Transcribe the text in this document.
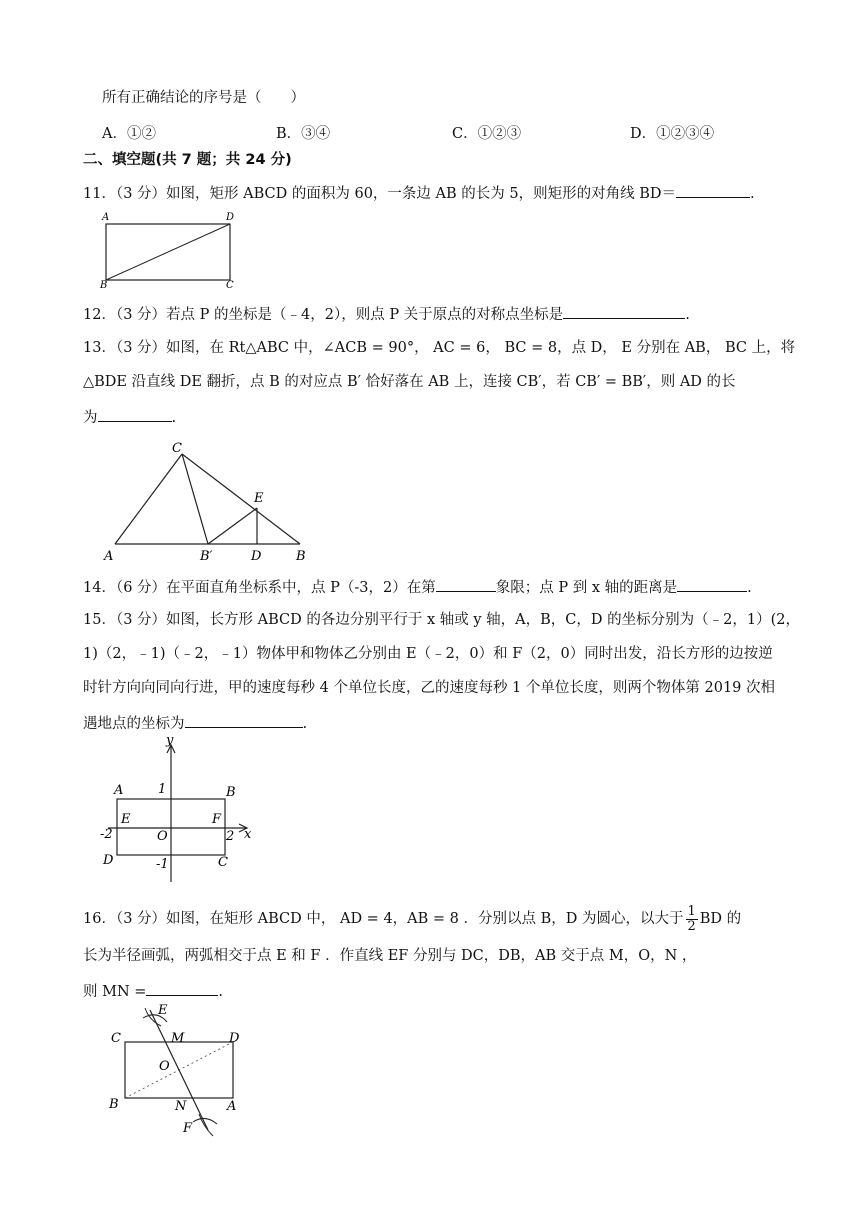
所有正确结论的序号是（　　）
A．①②	B．③④	C．①②③	D．①②③④
二、填空题(共 7 题；共 24 分)
11．（3 分）如图，矩形 ABCD 的面积为 60，一条边 AB 的长为 5，则矩形的对角线 BD＝	.
A	D
B	C
12．（3 分）若点 P 的坐标是（﹣4，2），则点 P 关于原点的对称点坐标是	.
13．（3 分）如图，在 Rt△ABC 中，∠ACB = 90°， AC = 6， BC = 8，点 D， E 分别在 AB， BC 上，将
△BDE 沿直线 DE 翻折，点 B 的对应点 B′ 恰好落在 AB 上，连接 CB′，若 CB′ = BB′，则 AD 的长
为	.
C
E
A	B′	D	B
14．（6 分）在平面直角坐标系中，点 P（-3，2）在第	象限；点 P 到 x 轴的距离是	.
15．（3 分）如图，长方形 ABCD 的各边分别平行于 x 轴或 y 轴，A，B，C，D 的坐标分别为（﹣2，1）(2，
1)（2，﹣1)（﹣2，﹣1）物体甲和物体乙分别由 E（﹣2，0）和 F（2，0）同时出发，沿长方形的边按逆
时针方向向同向行进，甲的速度每秒 4 个单位长度，乙的速度每秒 1 个单位长度，则两个物体第 2019 次相
遇地点的坐标为	.
y
x
A	1	B
E	F
-2	O	2
D	-1	C
16．（3 分）如图，在矩形 ABCD 中， AD = 4，AB = 8 ．分别以点 B，D 为圆心，以大于 $\frac{1}{2}$ BD 的
长为半径画弧，两弧相交于点 E 和 F ．作直线 EF 分别与 DC，DB，AB 交于点 M，O，N ，
则 MN =	.
E
C	M	D
O
B	N	A
F
